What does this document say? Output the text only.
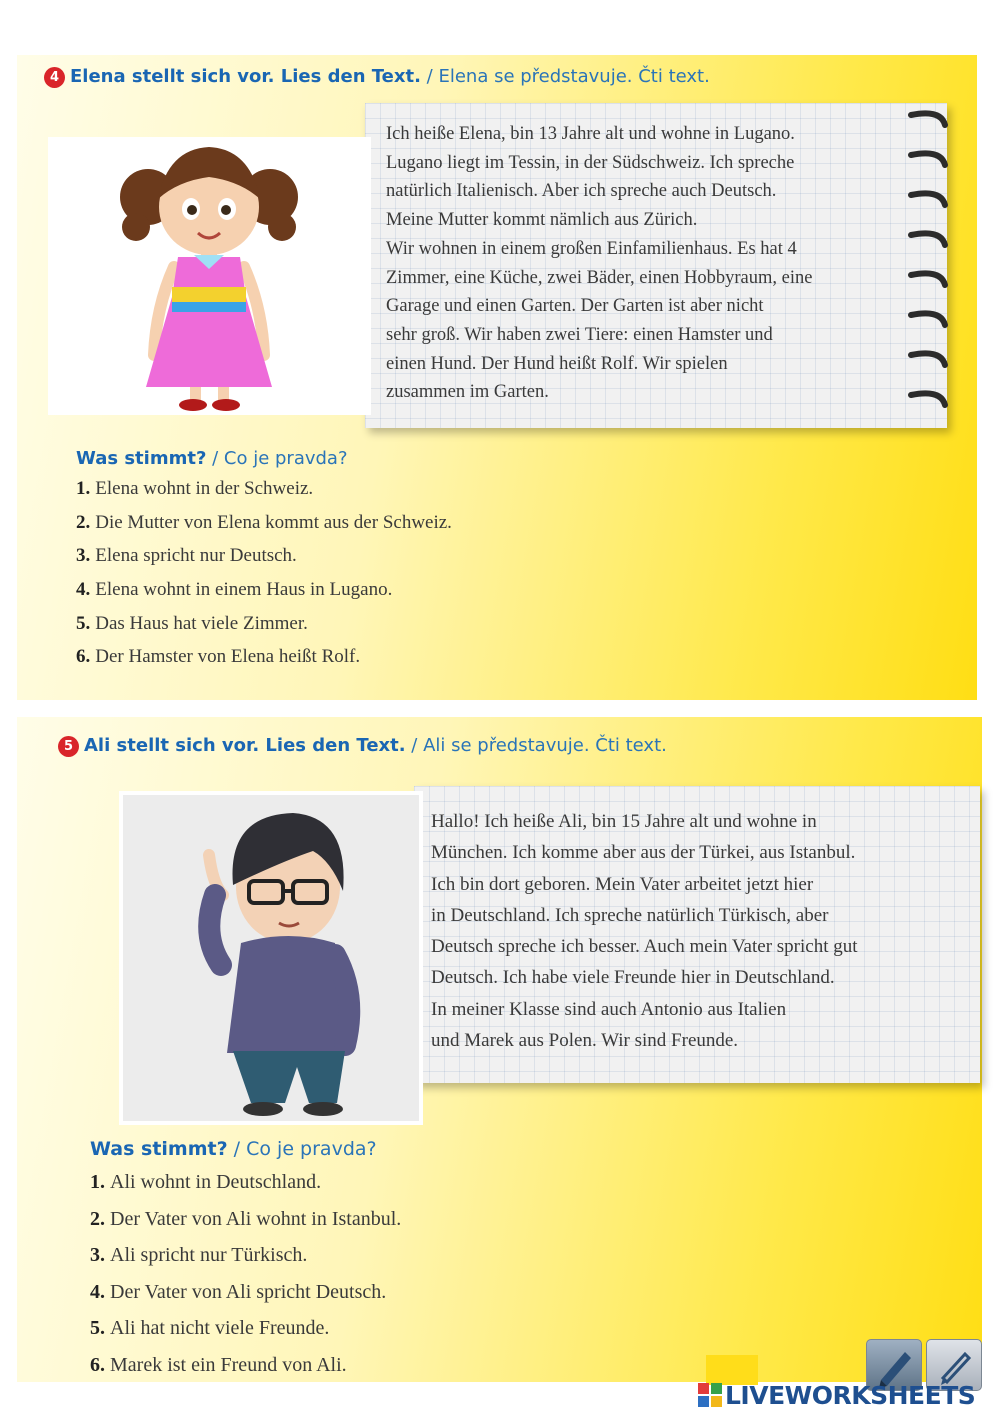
4 Elena stellt sich vor. Lies den Text. / Elena se představuje. Čti text.
Ich heiße Elena, bin 13 Jahre alt und wohne in Lugano.
Lugano liegt im Tessin, in der Südschweiz. Ich spreche
natürlich Italienisch. Aber ich spreche auch Deutsch.
Meine Mutter kommt nämlich aus Zürich.
Wir wohnen in einem großen Einfamilienhaus. Es hat 4
Zimmer, eine Küche, zwei Bäder, einen Hobbyraum, eine
Garage und einen Garten. Der Garten ist aber nicht
sehr groß. Wir haben zwei Tiere: einen Hamster und
einen Hund. Der Hund heißt Rolf. Wir spielen
zusammen im Garten.
Was stimmt? / Co je pravda?
1. Elena wohnt in der Schweiz.
2. Die Mutter von Elena kommt aus der Schweiz.
3. Elena spricht nur Deutsch.
4. Elena wohnt in einem Haus in Lugano.
5. Das Haus hat viele Zimmer.
6. Der Hamster von Elena heißt Rolf.
5 Ali stellt sich vor. Lies den Text. / Ali se představuje. Čti text.
Hallo! Ich heiße Ali, bin 15 Jahre alt und wohne in
München. Ich komme aber aus der Türkei, aus Istanbul.
Ich bin dort geboren. Mein Vater arbeitet jetzt hier
in Deutschland. Ich spreche natürlich Türkisch, aber
Deutsch spreche ich besser. Auch mein Vater spricht gut
Deutsch. Ich habe viele Freunde hier in Deutschland.
In meiner Klasse sind auch Antonio aus Italien
und Marek aus Polen. Wir sind Freunde.
Was stimmt? / Co je pravda?
1. Ali wohnt in Deutschland.
2. Der Vater von Ali wohnt in Istanbul.
3. Ali spricht nur Türkisch.
4. Der Vater von Ali spricht Deutsch.
5. Ali hat nicht viele Freunde.
6. Marek ist ein Freund von Ali.
LIVEWORKSHEETS
